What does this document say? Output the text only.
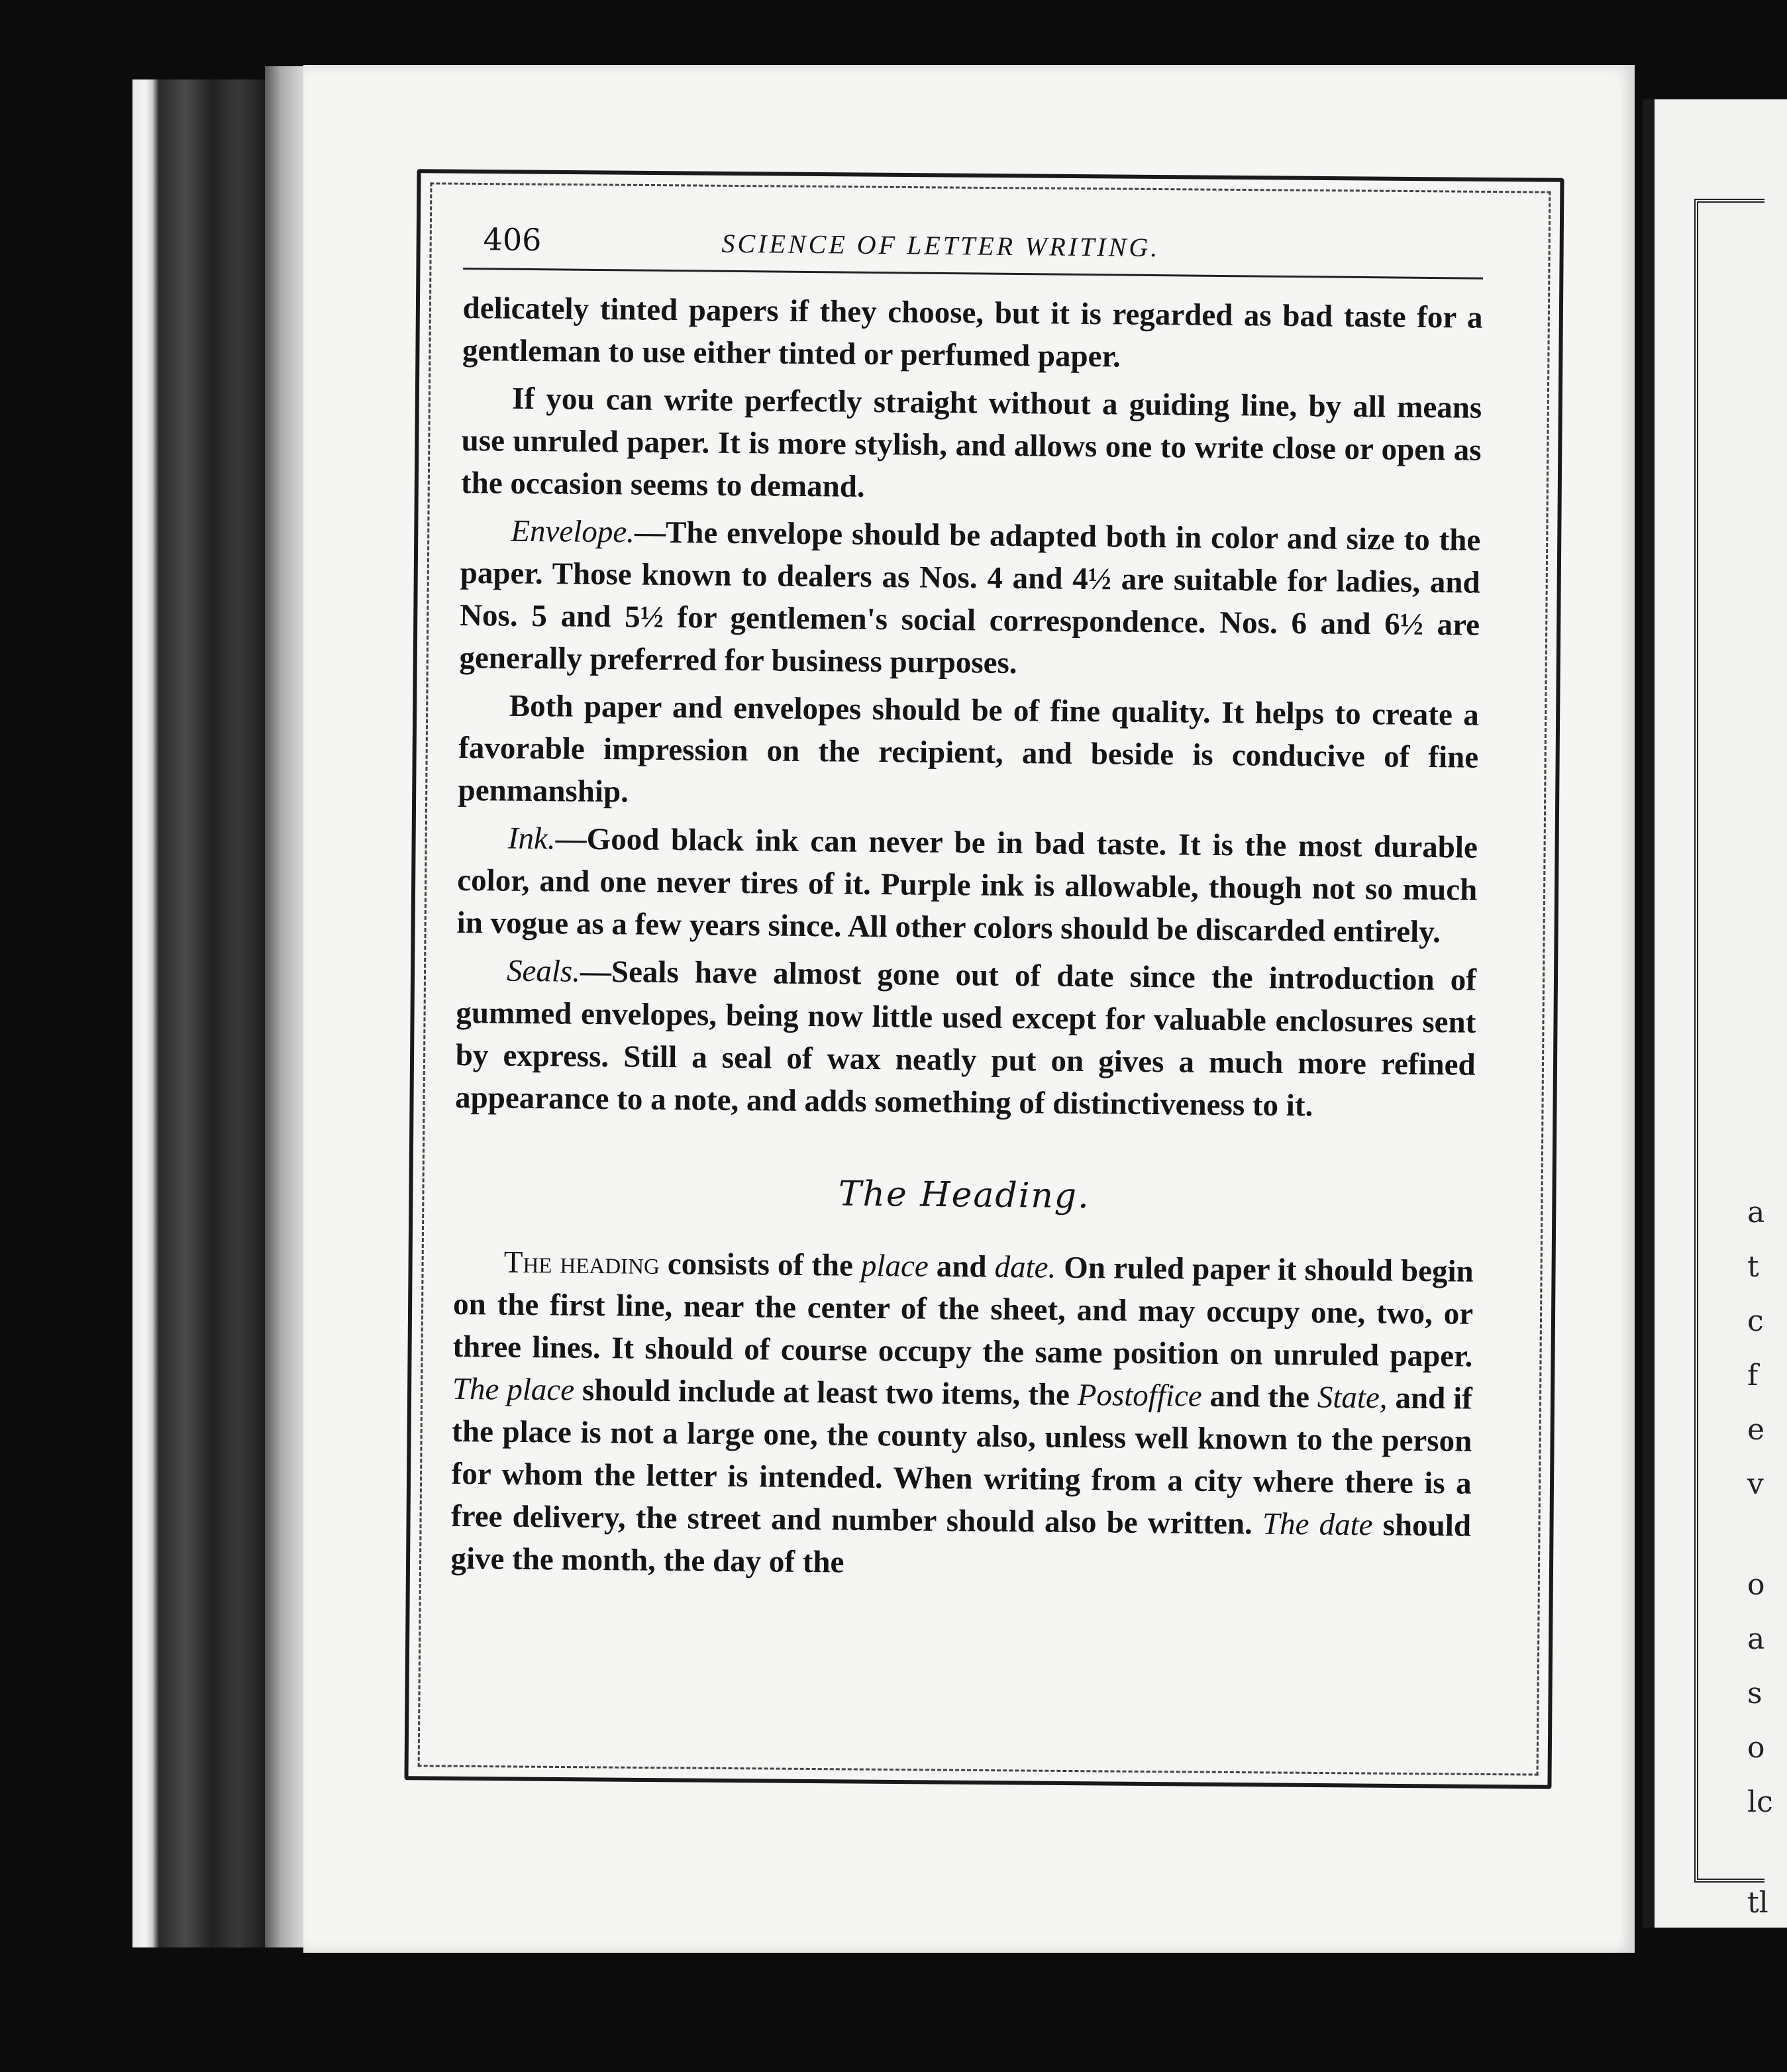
a
t
c
f
e
v
o
a
s
o
lc
tl
406	SCIENCE OF LETTER WRITING.

delicately tinted papers if they choose, but it is regarded as bad taste for a gentleman to use either tinted or perfumed paper.

If you can write perfectly straight without a guiding line, by all means use unruled paper. It is more stylish, and allows one to write close or open as the occasion seems to demand.

Envelope.—The envelope should be adapted both in color and size to the paper. Those known to dealers as Nos. 4 and 4½ are suitable for ladies, and Nos. 5 and 5½ for gentlemen's social correspondence. Nos. 6 and 6½ are generally preferred for business purposes.

Both paper and envelopes should be of fine quality. It helps to create a favorable impression on the recipient, and beside is conducive of fine penmanship.

Ink.—Good black ink can never be in bad taste. It is the most durable color, and one never tires of it. Purple ink is allowable, though not so much in vogue as a few years since. All other colors should be discarded entirely.

Seals.—Seals have almost gone out of date since the introduction of gummed envelopes, being now little used except for valuable enclosures sent by express. Still a seal of wax neatly put on gives a much more refined appearance to a note, and adds something of distinctiveness to it.

The Heading.

The heading consists of the place and date. On ruled paper it should begin on the first line, near the center of the sheet, and may occupy one, two, or three lines. It should of course occupy the same position on unruled paper. The place should include at least two items, the Postoffice and the State, and if the place is not a large one, the county also, unless well known to the person for whom the letter is intended. When writing from a city where there is a free delivery, the street and number should also be written. The date should give the month, the day of the
